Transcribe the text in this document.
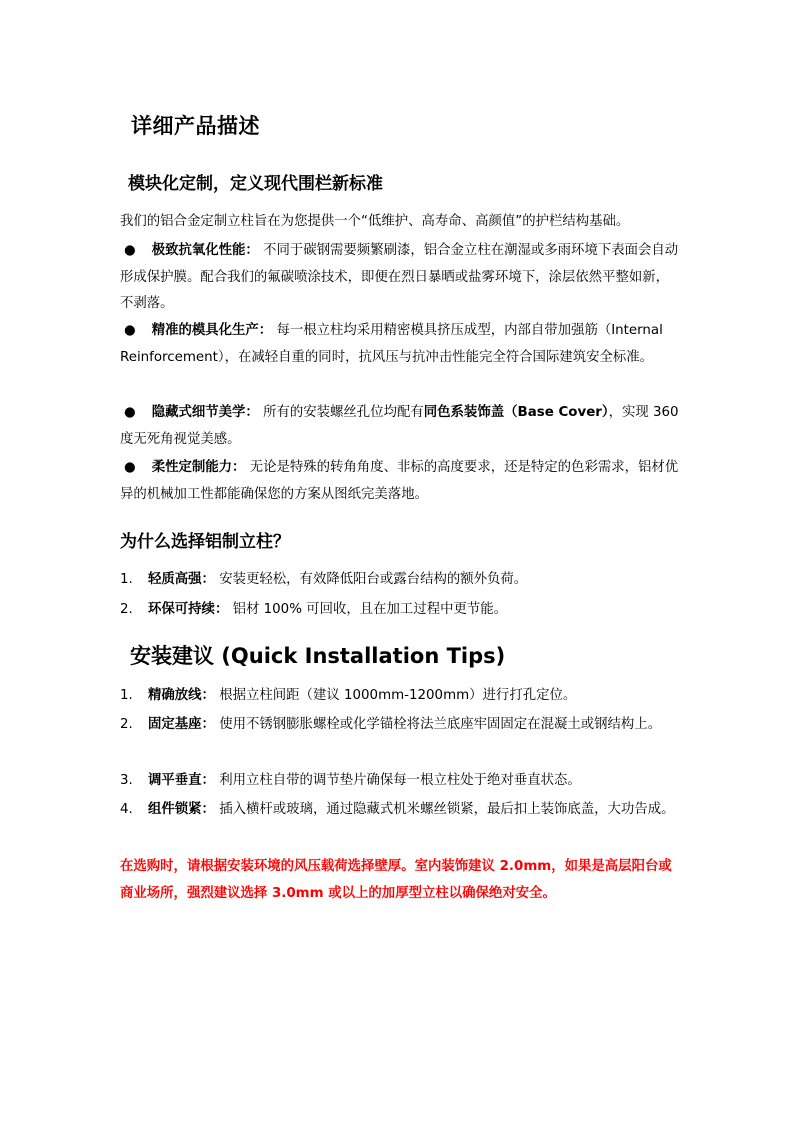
详细产品描述
模块化定制，定义现代围栏新标准
我们的铝合金定制立柱旨在为您提供一个“低维护、高寿命、高颜值”的护栏结构基础。
● 极致抗氧化性能： 不同于碳钢需要频繁刷漆，铝合金立柱在潮湿或多雨环境下表面会自动形成保护膜。配合我们的氟碳喷涂技术，即便在烈日暴晒或盐雾环境下，涂层依然平整如新，不剥落。
● 精准的模具化生产： 每一根立柱均采用精密模具挤压成型，内部自带加强筋（Internal Reinforcement），在减轻自重的同时，抗风压与抗冲击性能完全符合国际建筑安全标准。
● 隐藏式细节美学： 所有的安装螺丝孔位均配有同色系装饰盖（Base Cover），实现 360 度无死角视觉美感。
● 柔性定制能力： 无论是特殊的转角角度、非标的高度要求，还是特定的色彩需求，铝材优异的机械加工性都能确保您的方案从图纸完美落地。
为什么选择铝制立柱？
1. 轻质高强： 安装更轻松，有效降低阳台或露台结构的额外负荷。
2. 环保可持续： 铝材 100% 可回收，且在加工过程中更节能。
安装建议 (Quick Installation Tips)
1. 精确放线： 根据立柱间距（建议 1000mm-1200mm）进行打孔定位。
2. 固定基座： 使用不锈钢膨胀螺栓或化学锚栓将法兰底座牢固固定在混凝土或钢结构上。
3. 调平垂直： 利用立柱自带的调节垫片确保每一根立柱处于绝对垂直状态。
4. 组件锁紧： 插入横杆或玻璃，通过隐藏式机米螺丝锁紧，最后扣上装饰底盖，大功告成。
在选购时，请根据安装环境的风压载荷选择壁厚。室内装饰建议 2.0mm，如果是高层阳台或商业场所，强烈建议选择 3.0mm 或以上的加厚型立柱以确保绝对安全。
